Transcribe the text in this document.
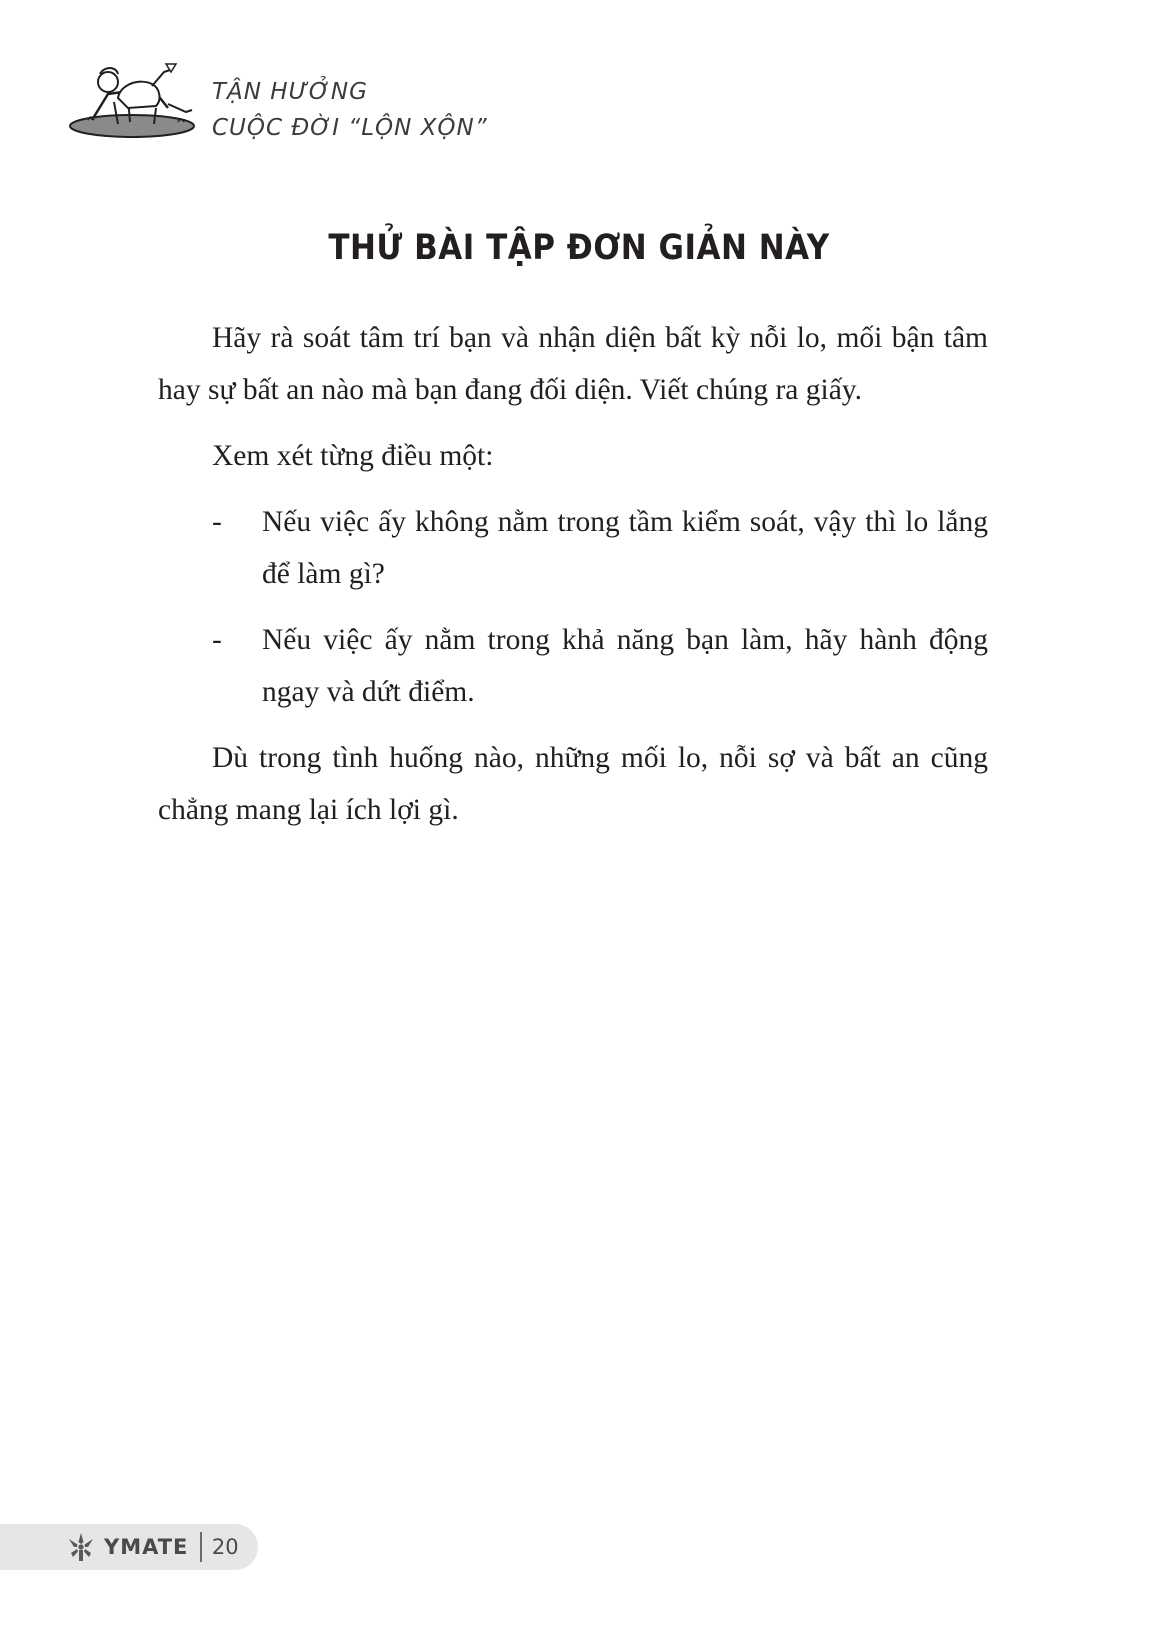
TẬN HƯỞNG
CUỘC ĐỜI “LỘN XỘN”
THỬ BÀI TẬP ĐƠN GIẢN NÀY

Hãy rà soát tâm trí bạn và nhận diện bất kỳ nỗi lo, mối bận tâm hay sự bất an nào mà bạn đang đối diện. Viết chúng ra giấy.

Xem xét từng điều một:

- Nếu việc ấy không nằm trong tầm kiểm soát, vậy thì lo lắng để làm gì?
- Nếu việc ấy nằm trong khả năng bạn làm, hãy hành động ngay và dứt điểm.

Dù trong tình huống nào, những mối lo, nỗi sợ và bất an cũng chẳng mang lại ích lợi gì.

YMATE 20
